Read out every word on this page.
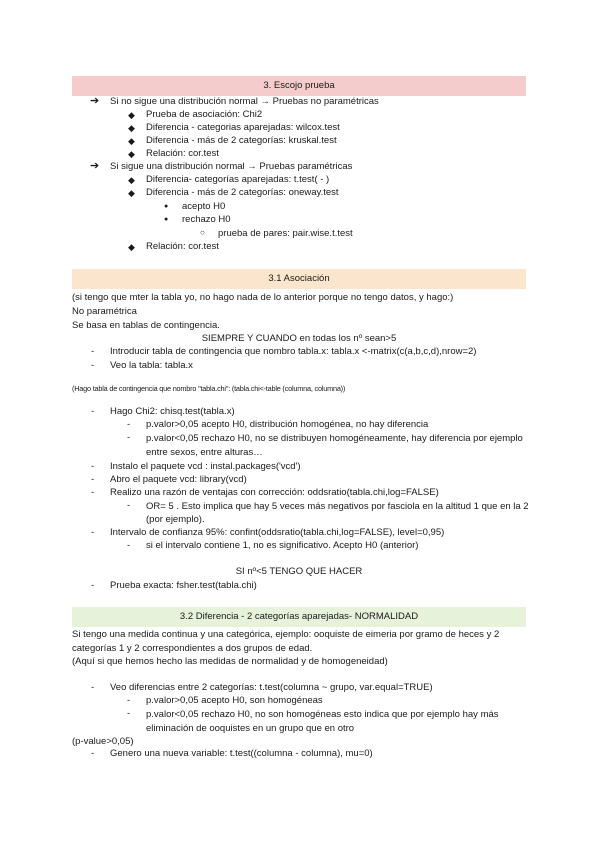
3. Escojo prueba
➔ Si no sigue una distribución normal → Pruebas no paramétricas
◆ Prueba de asociación: Chi2
◆ Diferencia - categorias aparejadas: wilcox.test
◆ Diferencia - más de 2 categorías: kruskal.test
◆ Relación: cor.test
➔ Si sigue una distribución normal → Pruebas paramétricas
◆ Diferencia- categorías aparejadas: t.test( - )
◆ Diferencia - más de 2 categorías: oneway.test
● acepto H0
● rechazo H0
○ prueba de pares: pair.wise.t.test
◆ Relación: cor.test
3.1 Asociación
(si tengo que mter la tabla yo, no hago nada de lo anterior porque no tengo datos, y hago:)
No paramétrica
Se basa en tablas de contingencia.
SIEMPRE Y CUANDO en todas los nº sean>5
- Introducir tabla de contingencia que nombro tabla.x: tabla.x <-matrix(c(a,b,c,d),nrow=2)
- Veo la tabla: tabla.x
(Hago tabla de contingencia que nombro "tabla.chi": (tabla.chi<-table (columna, columna))
- Hago Chi2: chisq.test(tabla.x)
- p.valor>0,05 acepto H0, distribución homogénea, no hay diferencia
- p.valor<0,05 rechazo H0, no se distribuyen homogéneamente, hay diferencia por ejemplo entre sexos, entre alturas…
- Instalo el paquete vcd : instal.packages('vcd')
- Abro el paquete vcd: library(vcd)
- Realizo una razón de ventajas con corrección: oddsratio(tabla.chi,log=FALSE)
- OR= 5 . Esto implica que hay 5 veces más negativos por fasciola en la altitud 1 que en la 2 (por ejemplo).
- Intervalo de confianza 95%: confint(oddsratio(tabla.chi,log=FALSE), level=0,95)
- si el intervalo contiene 1, no es significativo. Acepto H0 (anterior)
SI nº<5 TENGO QUE HACER
- Prueba exacta: fsher.test(tabla.chi)
3.2 Diferencia - 2 categorías aparejadas- NORMALIDAD
Si tengo una medida continua y una categórica, ejemplo: ooquiste de eimeria por gramo de heces y 2 categorías 1 y 2 correspondientes a dos grupos de edad.
(Aquí si que hemos hecho las medidas de normalidad y de homogeneidad)
- Veo diferencias entre 2 categorías: t.test(columna ~ grupo, var.equal=TRUE)
- p.valor>0,05 acepto H0, son homogéneas
- p.valor<0,05 rechazo H0, no son homogéneas esto indica que por ejemplo hay más eliminación de ooquistes en un grupo que en otro
(p-value>0,05)
- Genero una nueva variable: t.test((columna - columna), mu=0)
